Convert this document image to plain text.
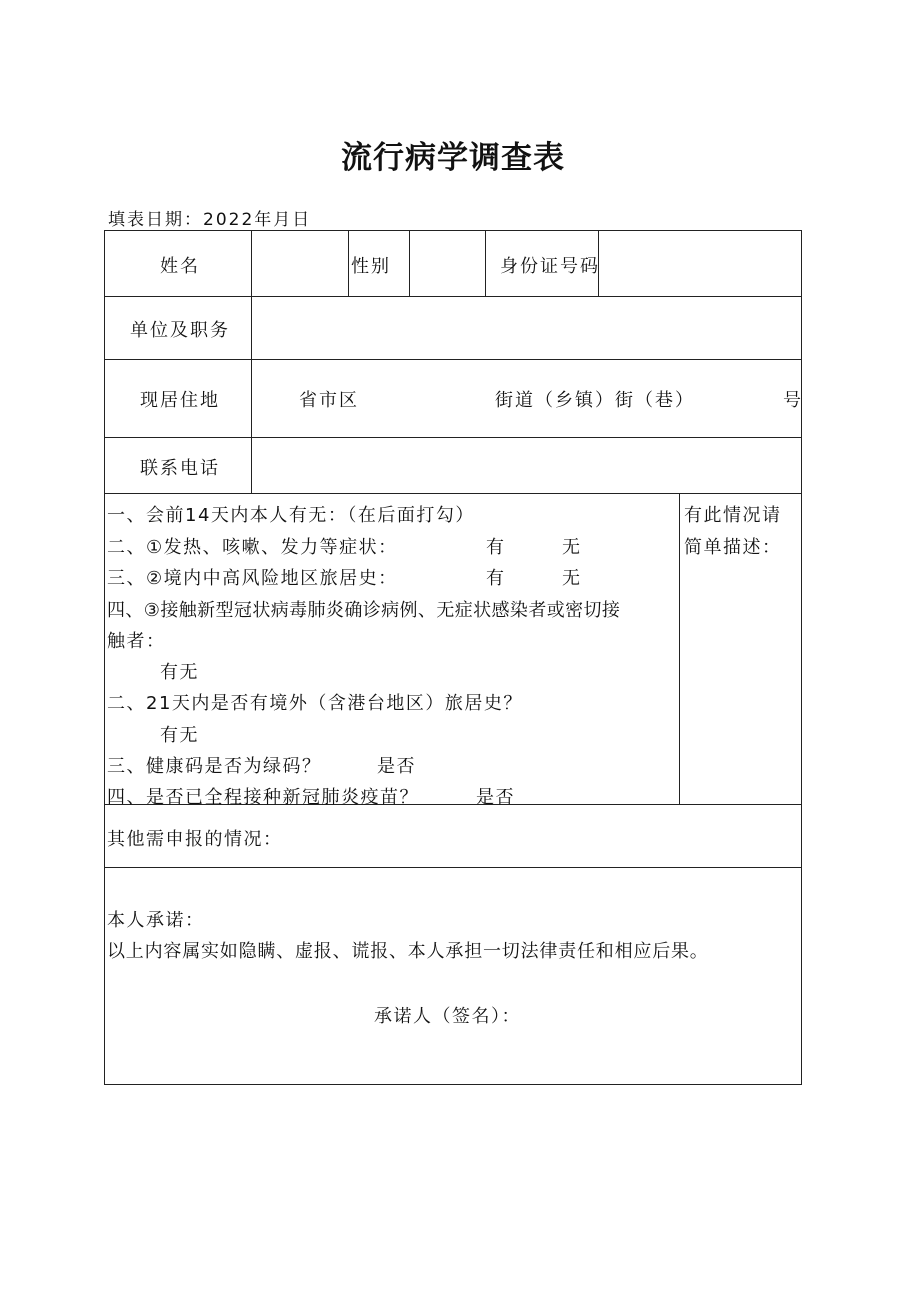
流行病学调查表
填表日期：2022年月日
姓名	性别	身份证号码
单位及职务
现居住地	省市区	街道（乡镇）街（巷）	号
联系电话
一、会前14天内本人有无：（在后面打勾）
二、①发热、咳嗽、发力等症状：	有	无
三、②境内中高风险地区旅居史：	有	无
四、③接触新型冠状病毒肺炎确诊病例、无症状感染者或密切接
触者：
有无
二、21天内是否有境外（含港台地区）旅居史？
有无
三、健康码是否为绿码？	是否
四、是否已全程接种新冠肺炎疫苗？	是否
有此情况请
简单描述：
其他需申报的情况：
本人承诺：
以上内容属实如隐瞒、虚报、谎报、本人承担一切法律责任和相应后果。
承诺人（签名）：
